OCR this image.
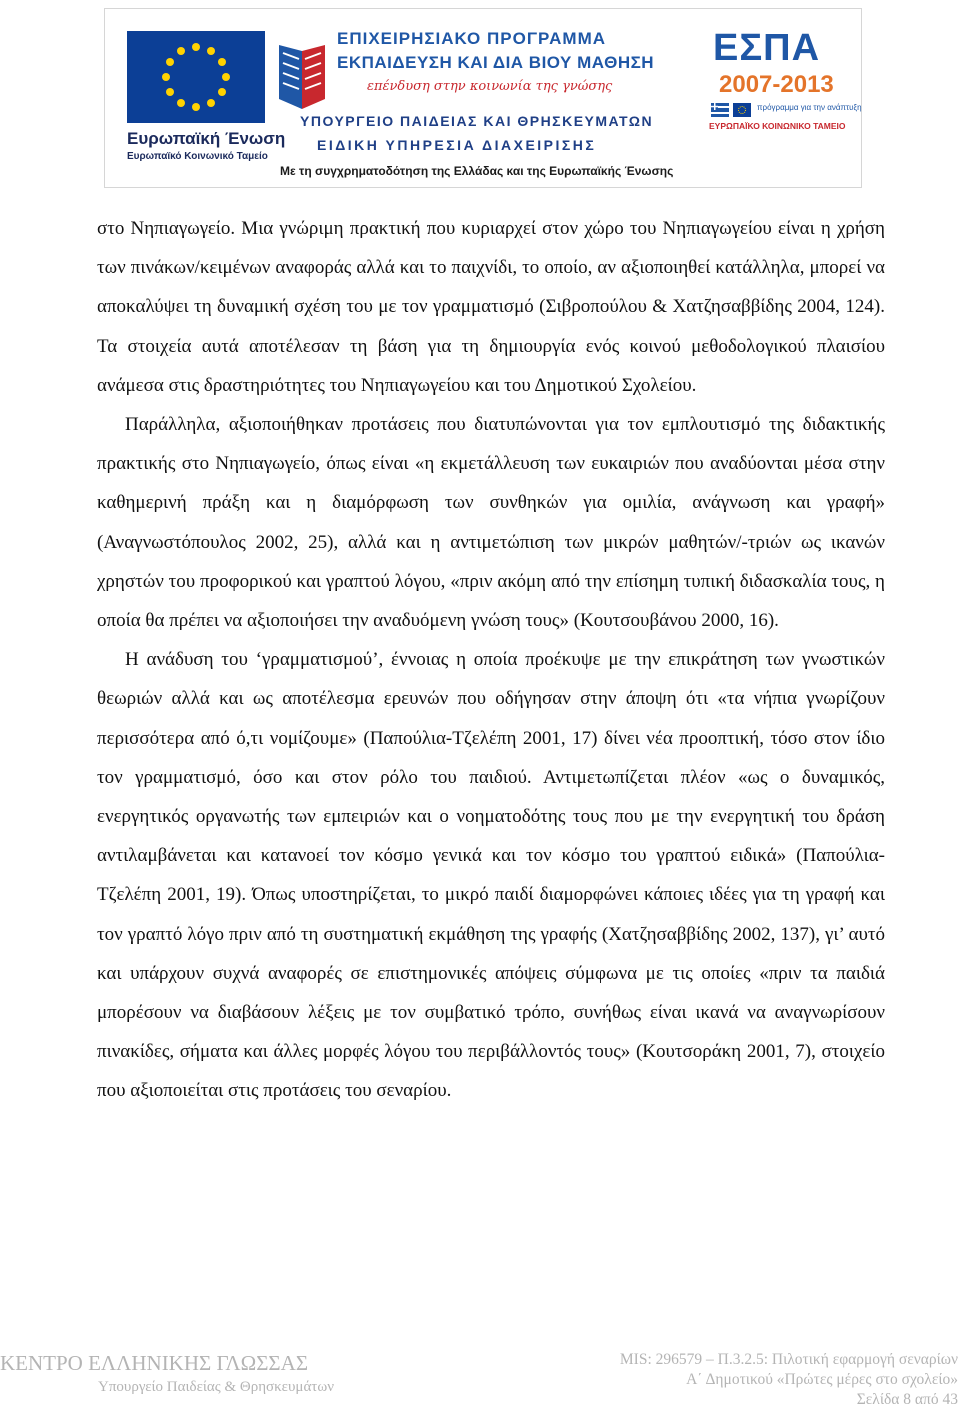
Ευρωπαϊκή Ένωση
Ευρωπαϊκό Κοινωνικό Ταμείο
ΕΠΙΧΕΙΡΗΣΙΑΚΟ ΠΡΟΓΡΑΜΜΑ
ΕΚΠΑΙΔΕΥΣΗ ΚΑΙ ΔΙΑ ΒΙΟΥ ΜΑΘΗΣΗ
επένδυση στην κοινωνία της γνώσης
ΥΠΟΥΡΓΕΙΟ ΠΑΙΔΕΙΑΣ ΚΑΙ ΘΡΗΣΚΕΥΜΑΤΩΝ
ΕΙΔΙΚΗ ΥΠΗΡΕΣΙΑ ΔΙΑΧΕΙΡΙΣΗΣ
Με τη συγχρηματοδότηση της Ελλάδας και της Ευρωπαϊκής Ένωσης
ΕΣΠΑ
2007-2013
πρόγραμμα για την ανάπτυξη
ΕΥΡΩΠΑΪΚΟ ΚΟΙΝΩΝΙΚΟ ΤΑΜΕΙΟ

στο Νηπιαγωγείο. Μια γνώριμη πρακτική που κυριαρχεί στον χώρο του Νηπιαγωγείου είναι η χρήση των πινάκων/κειμένων αναφοράς αλλά και το παιχνίδι, το οποίο, αν αξιοποιηθεί κατάλληλα, μπορεί να αποκαλύψει τη δυναμική σχέση του με τον γραμματισμό (Σιβροπούλου & Χατζησαββίδης 2004, 124). Τα στοιχεία αυτά αποτέλεσαν τη βάση για τη δημιουργία ενός κοινού μεθοδολογικού πλαισίου ανάμεσα στις δραστηριότητες του Νηπιαγωγείου και του Δημοτικού Σχολείου.

Παράλληλα, αξιοποιήθηκαν προτάσεις που διατυπώνονται για τον εμπλουτισμό της διδακτικής πρακτικής στο Νηπιαγωγείο, όπως είναι «η εκμετάλλευση των ευκαιριών που αναδύονται μέσα στην καθημερινή πράξη και η διαμόρφωση των συνθηκών για ομιλία, ανάγνωση και γραφή» (Αναγνωστόπουλος 2002, 25), αλλά και η αντιμετώπιση των μικρών μαθητών/-τριών ως ικανών χρηστών του προφορικού και γραπτού λόγου, «πριν ακόμη από την επίσημη τυπική διδασκαλία τους, η οποία θα πρέπει να αξιοποιήσει την αναδυόμενη γνώση τους» (Κουτσουβάνου 2000, 16).

Η ανάδυση του ‘γραμματισμού’, έννοιας η οποία προέκυψε με την επικράτηση των γνωστικών θεωριών αλλά και ως αποτέλεσμα ερευνών που οδήγησαν στην άποψη ότι «τα νήπια γνωρίζουν περισσότερα από ό,τι νομίζουμε» (Παπούλια-Τζελέπη 2001, 17) δίνει νέα προοπτική, τόσο στον ίδιο τον γραμματισμό, όσο και στον ρόλο του παιδιού. Αντιμετωπίζεται πλέον «ως ο δυναμικός, ενεργητικός οργανωτής των εμπειριών και ο νοηματοδότης τους που με την ενεργητική του δράση αντιλαμβάνεται και κατανοεί τον κόσμο γενικά και τον κόσμο του γραπτού ειδικά» (Παπούλια-Τζελέπη 2001, 19). Όπως υποστηρίζεται, το μικρό παιδί διαμορφώνει κάποιες ιδέες για τη γραφή και τον γραπτό λόγο πριν από τη συστηματική εκμάθηση της γραφής (Χατζησαββίδης 2002, 137), γι’ αυτό και υπάρχουν συχνά αναφορές σε επιστημονικές απόψεις σύμφωνα με τις οποίες «πριν τα παιδιά μπορέσουν να διαβάσουν λέξεις με τον συμβατικό τρόπο, συνήθως είναι ικανά να αναγνωρίσουν πινακίδες, σήματα και άλλες μορφές λόγου του περιβάλλοντός τους» (Κουτσοράκη 2001, 7), στοιχείο που αξιοποιείται στις προτάσεις του σεναρίου.

ΚΕΝΤΡΟ ΕΛΛΗΝΙΚΗΣ ΓΛΩΣΣΑΣ
Υπουργείο Παιδείας & Θρησκευμάτων
MIS: 296579 – Π.3.2.5: Πιλοτική εφαρμογή σεναρίων
Α΄ Δημοτικού «Πρώτες μέρες στο σχολείο»
Σελίδα 8 από 43
